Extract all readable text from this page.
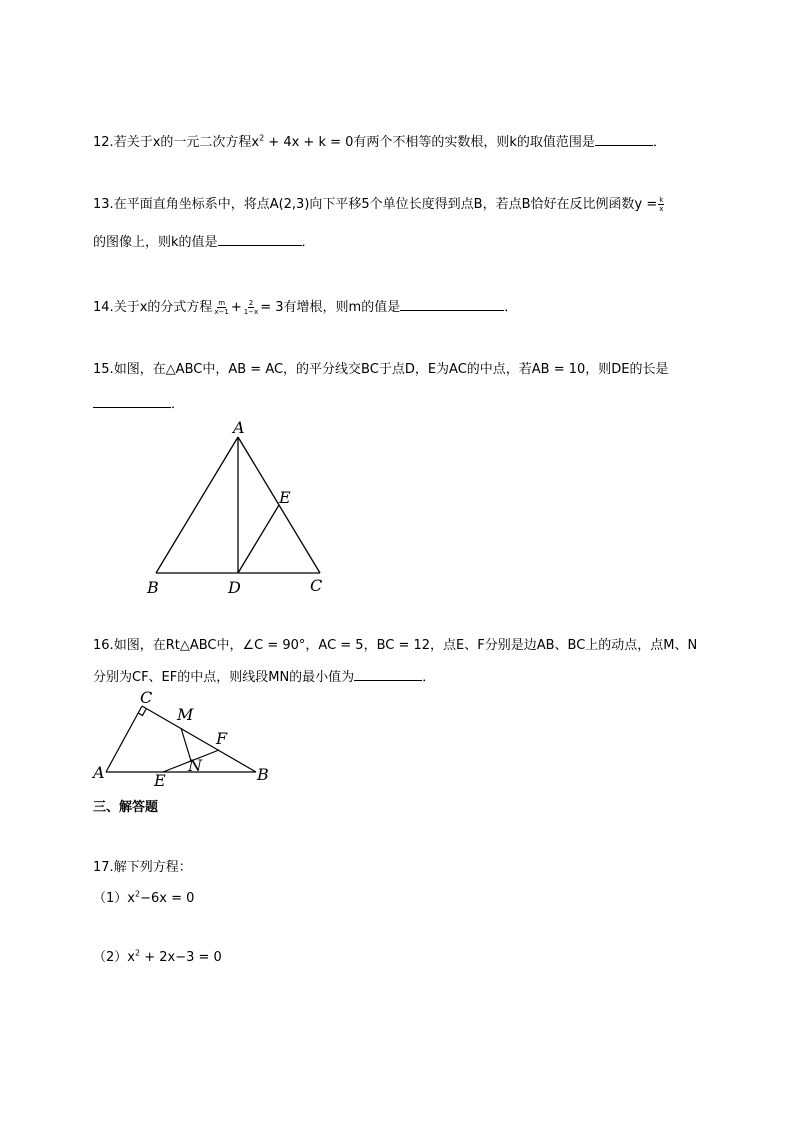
12.若关于x的一元二次方程$x^2 + 4x + k = 0$有两个不相等的实数根，则k的取值范围是	．
13.在平面直角坐标系中，将点A(2,3)向下平移5个单位长度得到点B，若点B恰好在反比例函数$y = \frac{k}{x}$
的图像上，则k的值是	．
14.关于x的分式方程 $\frac{m}{x-1} + \frac{2}{1-x} = 3$有增根，则m的值是	．
15.如图，在△ABC中，AB = AC，的平分线交BC于点D，E为AC的中点，若AB = 10，则DE的长是
．
A
E
B	D	C
16.如图，在Rt△ABC中，∠C = 90°，AC = 5，BC = 12，点E、F分别是边AB、BC上的动点，点M、N
分别为CF、EF的中点，则线段MN的最小值为	．
C
M
F
N
A	E	B
三、解答题
17.解下列方程：
$(1)x^2-6x = 0$
$(2)x^2 + 2x-3 = 0$
